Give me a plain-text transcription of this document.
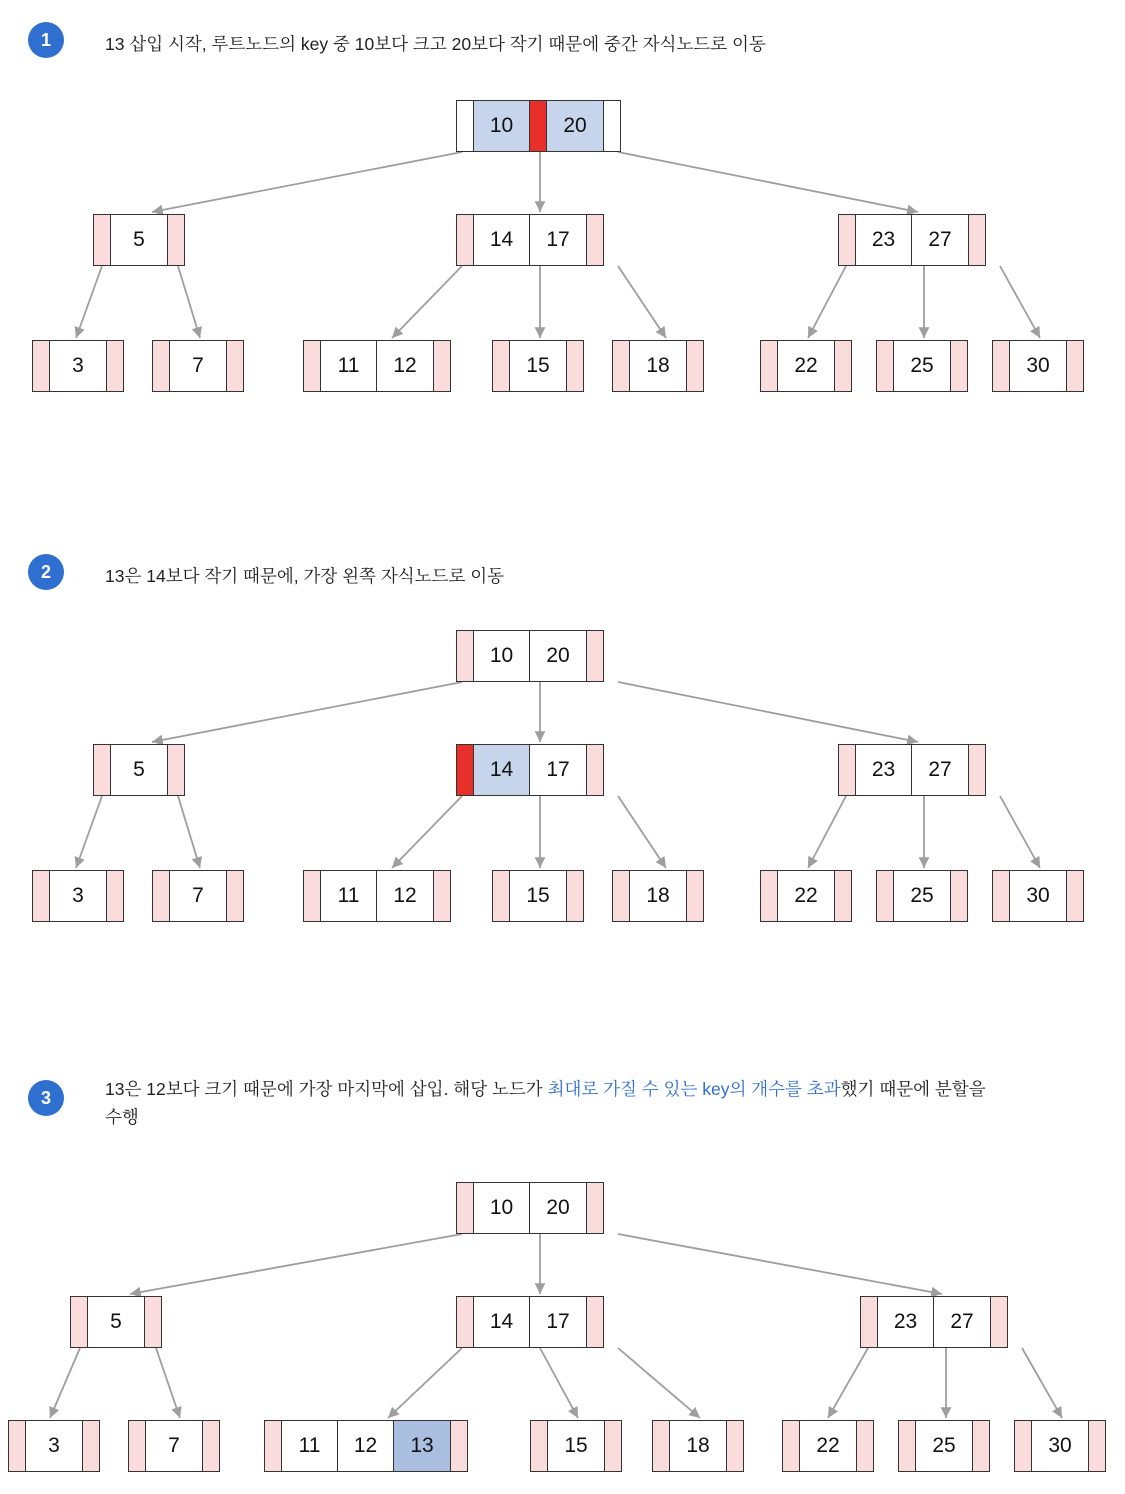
1	13 삽입 시작, 루트노드의 key 중 10보다 크고 20보다 작기 때문에 중간 자식노드로 이동
10	20
5	14	17	23	27
3	7	11	12	15	18	22	25	30
2	13은 14보다 작기 때문에, 가장 왼쪽 자식노드로 이동
10	20
5	14	17	23	27
3	7	11	12	15	18	22	25	30
3	13은 12보다 크기 때문에 가장 마지막에 삽입. 해당 노드가 최대로 가질 수 있는 key의 개수를 초과했기 때문에 분할을 수행
10	20
5	14	17	23	27
3	7	11	12	13	15	18	22	25	30
